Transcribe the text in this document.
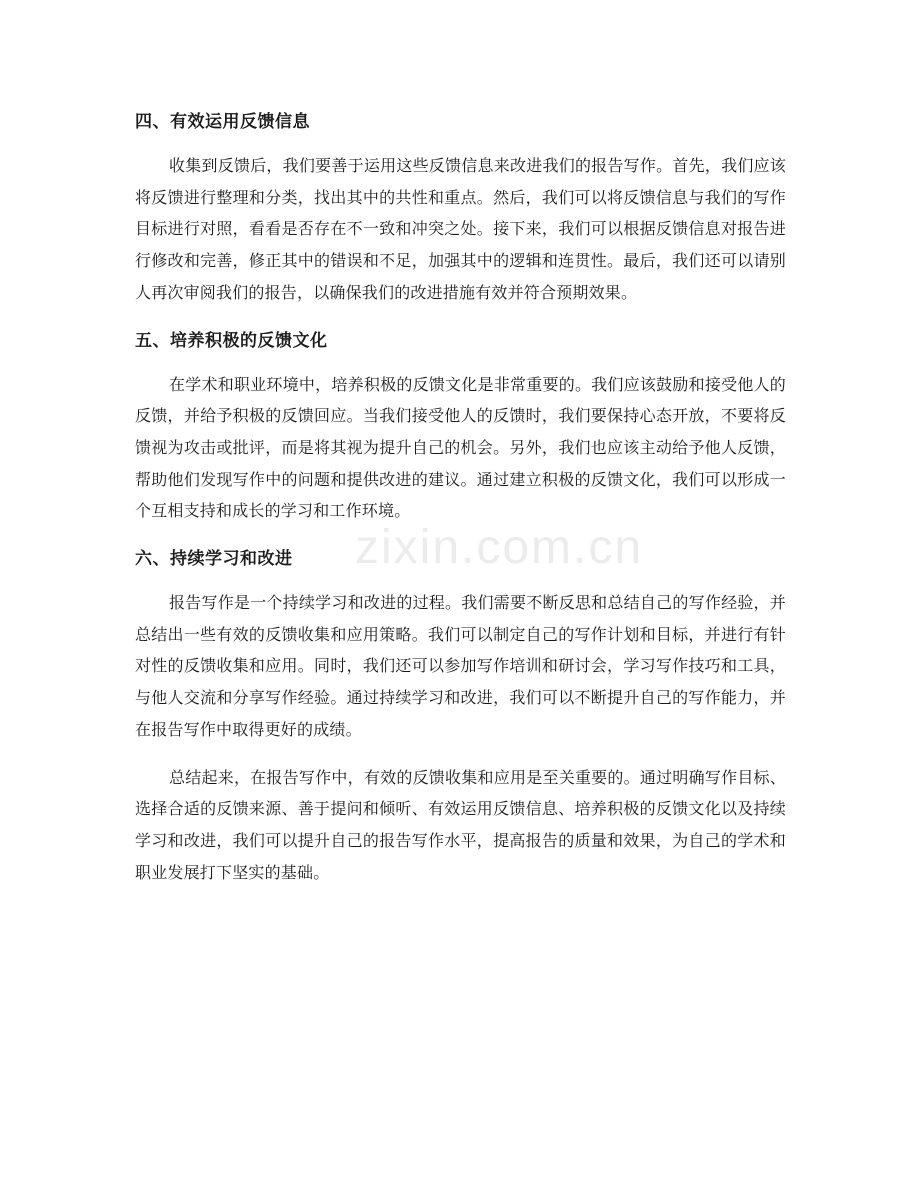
四、有效运用反馈信息

收集到反馈后，我们要善于运用这些反馈信息来改进我们的报告写作。首先，我们应该将反馈进行整理和分类，找出其中的共性和重点。然后，我们可以将反馈信息与我们的写作目标进行对照，看看是否存在不一致和冲突之处。接下来，我们可以根据反馈信息对报告进行修改和完善，修正其中的错误和不足，加强其中的逻辑和连贯性。最后，我们还可以请别人再次审阅我们的报告，以确保我们的改进措施有效并符合预期效果。

五、培养积极的反馈文化

在学术和职业环境中，培养积极的反馈文化是非常重要的。我们应该鼓励和接受他人的反馈，并给予积极的反馈回应。当我们接受他人的反馈时，我们要保持心态开放，不要将反馈视为攻击或批评，而是将其视为提升自己的机会。另外，我们也应该主动给予他人反馈，帮助他们发现写作中的问题和提供改进的建议。通过建立积极的反馈文化，我们可以形成一个互相支持和成长的学习和工作环境。

六、持续学习和改进

报告写作是一个持续学习和改进的过程。我们需要不断反思和总结自己的写作经验，并总结出一些有效的反馈收集和应用策略。我们可以制定自己的写作计划和目标，并进行有针对性的反馈收集和应用。同时，我们还可以参加写作培训和研讨会，学习写作技巧和工具，与他人交流和分享写作经验。通过持续学习和改进，我们可以不断提升自己的写作能力，并在报告写作中取得更好的成绩。

总结起来，在报告写作中，有效的反馈收集和应用是至关重要的。通过明确写作目标、选择合适的反馈来源、善于提问和倾听、有效运用反馈信息、培养积极的反馈文化以及持续学习和改进，我们可以提升自己的报告写作水平，提高报告的质量和效果，为自己的学术和职业发展打下坚实的基础。

zixin.com.cn
